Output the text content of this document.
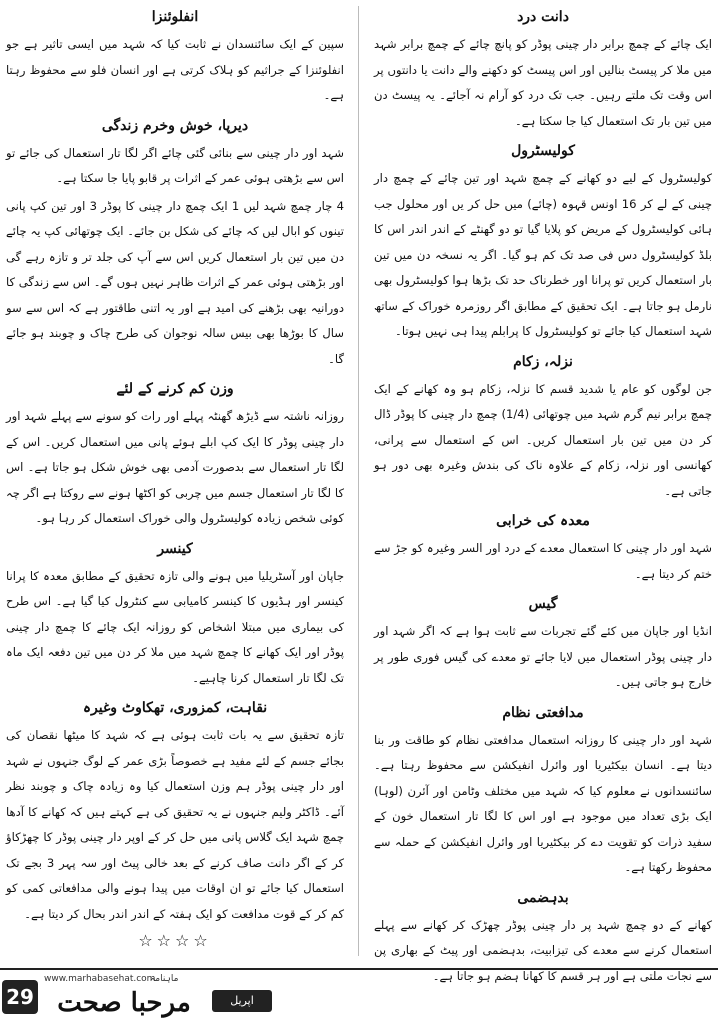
دانت درد

ایک چائے کے چمچ برابر دار چینی پوڈر کو پانچ چائے کے چمچ برابر شہد میں ملا کر پیسٹ بنالیں اور اس پیسٹ کو دکھنے والے دانت یا دانتوں پر اس وقت تک ملتے رہیں۔ جب تک درد کو آرام نہ آجائے۔ یہ پیسٹ دن میں تین بار تک استعمال کیا جا سکتا ہے۔

کولیسٹرول

کولیسٹرول کے لیے دو کھانے کے چمچ شہد اور تین چائے کے چمچ دار چینی کے لے کر 16 اونس قہوہ (چائے) میں حل کر یں اور محلول جب ہائی کولیسٹرول کے مریض کو پلایا گیا تو دو گھنٹے کے اندر اندر اس کا بلڈ کولیسٹرول دس فی صد تک کم ہو گیا۔ اگر یہ نسخہ دن میں تین بار استعمال کریں تو پرانا اور خطرناک حد تک بڑھا ہوا کولیسٹرول بھی نارمل ہو جاتا ہے۔ ایک تحقیق کے مطابق اگر روزمرہ خوراک کے ساتھ شہد استعمال کیا جائے تو کولیسٹرول کا پرابلم پیدا ہی نہیں ہوتا۔

نزلہ، زکام

جن لوگوں کو عام یا شدید قسم کا نزلہ، زکام ہو وہ کھانے کے ایک چمچ برابر نیم گرم شہد میں چوتھائی (1/4) چمچ دار چینی کا پوڈر ڈال کر دن میں تین بار استعمال کریں۔ اس کے استعمال سے پرانی، کھانسی اور نزلہ، زکام کے علاوہ ناک کی بندش وغیرہ بھی دور ہو جاتی ہے۔

معدہ کی خرابی

شہد اور دار چینی کا استعمال معدے کے درد اور السر وغیرہ کو جڑ سے ختم کر دیتا ہے۔

گیس

انڈیا اور جاپان میں کئے گئے تجربات سے ثابت ہوا ہے کہ اگر شہد اور دار چینی پوڈر استعمال میں لایا جائے تو معدے کی گیس فوری طور پر خارج ہو جاتی ہیں۔

مدافعتی نظام

شہد اور دار چینی کا روزانہ استعمال مدافعتی نظام کو طاقت ور بنا دیتا ہے۔ انسان بیکٹیریا اور وائرل انفیکشن سے محفوظ رہتا ہے۔ سائنسدانوں نے معلوم کیا کہ شہد میں مختلف وٹامن اور آئرن (لوہا) ایک بڑی تعداد میں موجود ہے اور اس کا لگا تار استعمال خون کے سفید ذرات کو تقویت دے کر بیکٹیریا اور وائرل انفیکشن کے حملہ سے محفوظ رکھتا ہے۔

بدہضمی

کھانے کے دو چمچ شہد پر دار چینی پوڈر چھڑک کر کھانے سے پہلے استعمال کرنے سے معدے کی تیزابیت، بدہضمی اور پیٹ کے بھاری پن سے نجات ملتی ہے اور ہر قسم کا کھانا ہضم ہو جاتا ہے۔

انفلوئنزا

سپین کے ایک سائنسدان نے ثابت کیا کہ شہد میں ایسی تاثیر ہے جو انفلوئنزا کے جراثیم کو ہلاک کرتی ہے اور انسان فلو سے محفوظ رہتا ہے۔

دیرپا، خوش وخرم زندگی

شہد اور دار چینی سے بنائی گئی چائے اگر لگا تار استعمال کی جائے تو اس سے بڑھتی ہوئی عمر کے اثرات پر قابو پایا جا سکتا ہے۔

4 چار چمچ شہد لیں 1 ایک چمچ دار چینی کا پوڈر 3 اور تین کپ پانی تینوں کو ابال لیں کہ چائے کی شکل بن جائے۔ ایک چوتھائی کپ یہ چائے دن میں تین بار استعمال کریں اس سے آپ کی جلد تر و تازہ رہے گی اور بڑھتی ہوئی عمر کے اثرات ظاہر نہیں ہوں گے۔ اس سے زندگی کا دورانیہ بھی بڑھنے کی امید ہے اور یہ اتنی طاقتور ہے کہ اس سے سو سال کا بوڑھا بھی بیس سالہ نوجوان کی طرح چاک و چوبند ہو جائے گا۔

وزن کم کرنے کے لئے

روزانہ ناشتہ سے ڈیڑھ گھنٹہ پہلے اور رات کو سونے سے پہلے شہد اور دار چینی پوڈر کا ایک کپ ابلے ہوئے پانی میں استعمال کریں۔ اس کے لگا تار استعمال سے بدصورت آدمی بھی خوش شکل ہو جاتا ہے۔ اس کا لگا تار استعمال جسم میں چربی کو اکٹھا ہونے سے روکتا ہے اگر چہ کوئی شخص زیادہ کولیسٹرول والی خوراک استعمال کر رہا ہو۔

کینسر

جاپان اور آسٹریلیا میں ہونے والی تازہ تحقیق کے مطابق معدہ کا پرانا کینسر اور ہڈیوں کا کینسر کامیابی سے کنٹرول کیا گیا ہے۔ اس طرح کی بیماری میں مبتلا اشخاص کو روزانہ ایک چائے کا چمچ دار چینی پوڈر اور ایک کھانے کا چمچ شہد میں ملا کر دن میں تین دفعہ ایک ماہ تک لگا تار استعمال کرنا چاہیے۔

نقاہت، کمزوری، تھکاوٹ وغیرہ

تازہ تحقیق سے یہ بات ثابت ہوئی ہے کہ شہد کا میٹھا نقصان کی بجائے جسم کے لئے مفید ہے خصوصاً بڑی عمر کے لوگ جنہوں نے شہد اور دار چینی پوڈر ہم وزن استعمال کیا وہ زیادہ چاک و چوبند نظر آئے۔ ڈاکٹر ولیم جنہوں نے یہ تحقیق کی ہے کہتے ہیں کہ کھانے کا آدھا چمچ شہد ایک گلاس پانی میں حل کر کے اوپر دار چینی پوڈر کا چھڑکاؤ کر کے اگر دانت صاف کرنے کے بعد خالی پیٹ اور سہ پہر 3 بجے تک استعمال کیا جائے تو ان اوقات میں پیدا ہونے والی مدافعاتی کمی کو کم کر کے قوت مدافعت کو ایک ہفتہ کے اندر اندر بحال کر دیتا ہے۔

☆☆☆☆
29
www.marhabasehat.com
ماہنامہ
مرحبا صحت	اپریل 2017ء
